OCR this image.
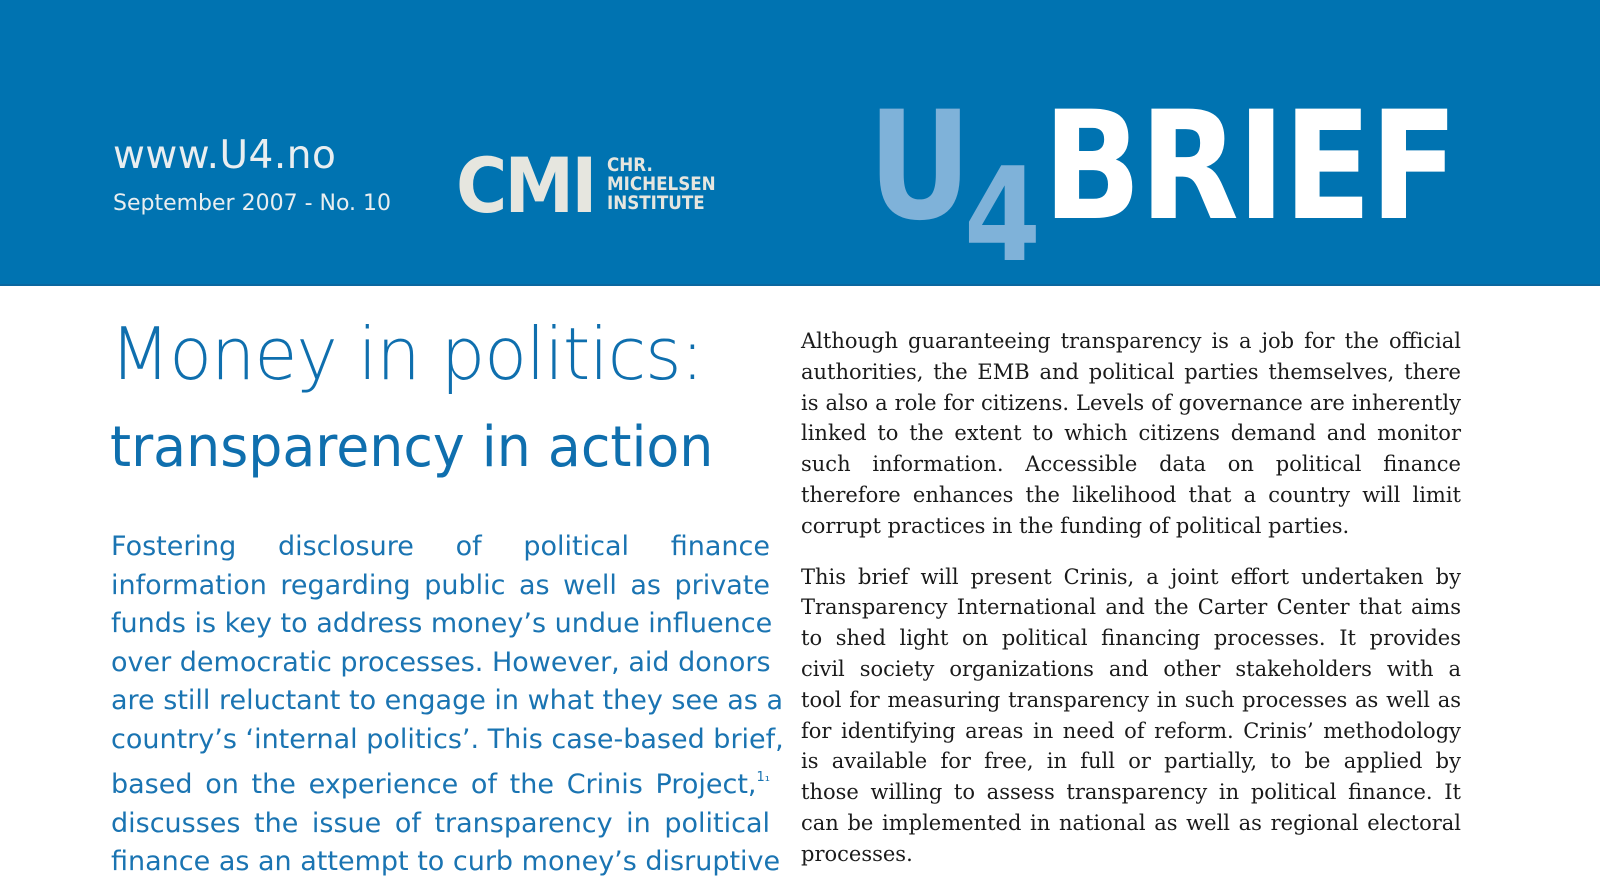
www.U4.no
September 2007 - No. 10 CMI CHR.
MICHELSEN
INSTITUTE U
4 BRIEF
Money in politics:
transparency in action
Fostering disclosure of political finance
information regarding public as well as private
funds is key to address money’s undue influence
over democratic processes. However, aid donors
are still reluctant to engage in what they see as a
country’s ‘internal politics’. This case-based brief,
based on the experience of the Crinis Project,$^{1_1}$
discusses the issue of transparency in political
finance as an attempt to curb money’s disruptive
Although guaranteeing transparency is a job for the official
authorities, the EMB and political parties themselves, there
is also a role for citizens. Levels of governance are inherently
linked to the extent to which citizens demand and monitor
such information. Accessible data on political finance
therefore enhances the likelihood that a country will limit
corrupt practices in the funding of political parties.
This brief will present Crinis, a joint effort undertaken by
Transparency International and the Carter Center that aims
to shed light on political financing processes. It provides
civil society organizations and other stakeholders with a
tool for measuring transparency in such processes as well as
for identifying areas in need of reform. Crinis’ methodology
is available for free, in full or partially, to be applied by
those willing to assess transparency in political finance. It
can be implemented in national as well as regional electoral
processes.
